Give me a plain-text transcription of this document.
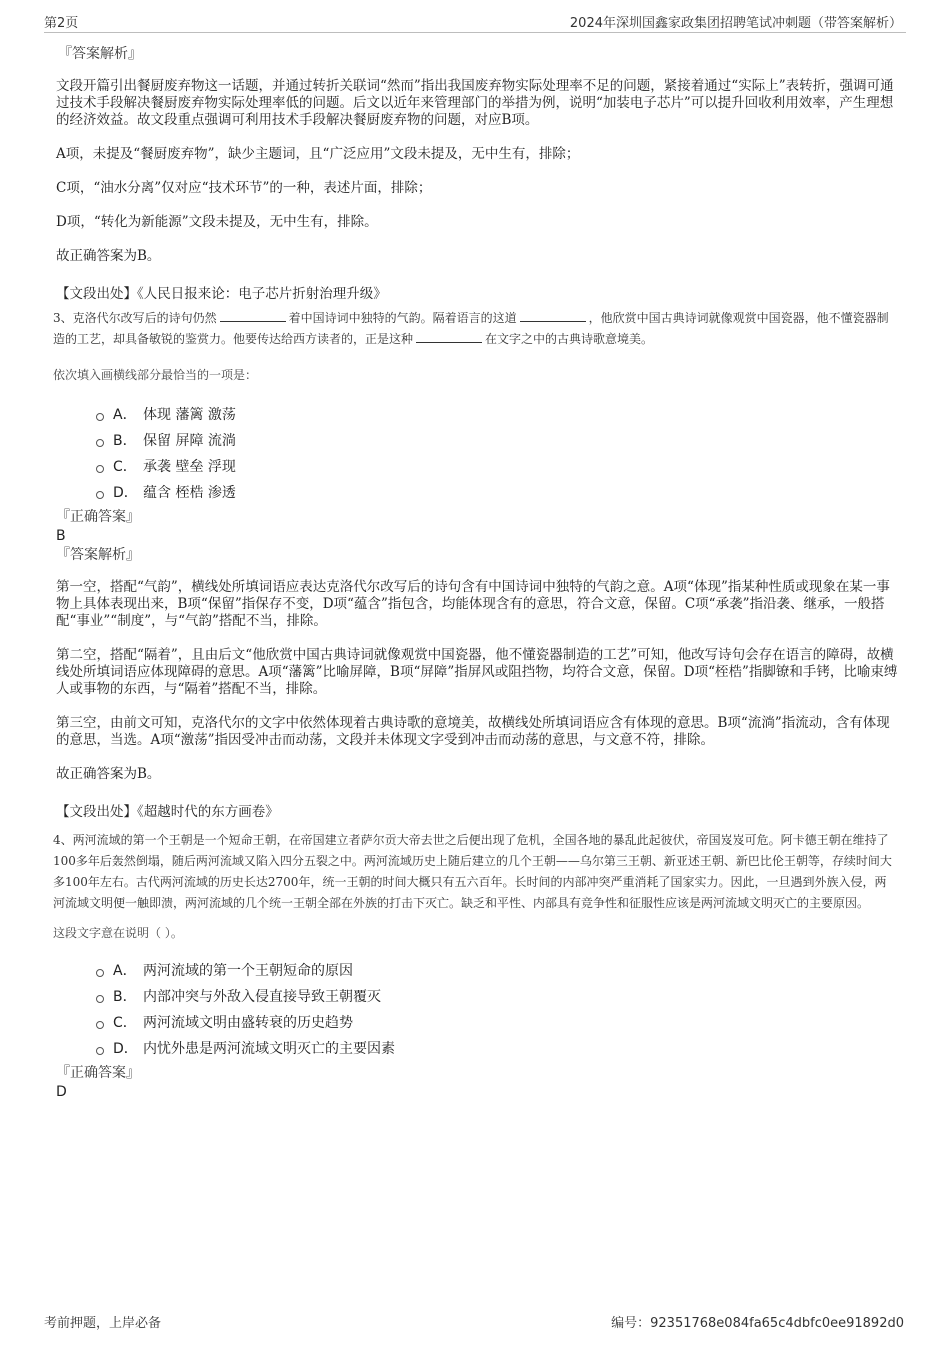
第2页	2024年深圳国鑫家政集团招聘笔试冲刺题（带答案解析）
『答案解析』
文段开篇引出餐厨废弃物这一话题，并通过转折关联词“然而”指出我国废弃物实际处理率不足的问题，紧接着通过“实际上”表转折，强调可通过技术手段解决餐厨废弃物实际处理率低的问题。后文以近年来管理部门的举措为例，说明“加装电子芯片”可以提升回收利用效率，产生理想的经济效益。故文段重点强调可利用技术手段解决餐厨废弃物的问题，对应B项。
A项，未提及“餐厨废弃物”，缺少主题词，且“广泛应用”文段未提及，无中生有，排除；
C项，“油水分离”仅对应“技术环节”的一种，表述片面，排除；
D项，“转化为新能源”文段未提及，无中生有，排除。
故正确答案为B。
【文段出处】《人民日报来论：电子芯片折射治理升级》
3、克洛代尔改写后的诗句仍然	着中国诗词中独特的气韵。隔着语言的这道	，他欣赏中国古典诗词就像观赏中国瓷器，他不懂瓷器制造的工艺，却具备敏锐的鉴赏力。他要传达给西方读者的，正是这种	在文字之中的古典诗歌意境美。
依次填入画横线部分最恰当的一项是：
A． 体现 藩篱 激荡
B． 保留 屏障 流淌
C． 承袭 壁垒 浮现
D． 蕴含 桎梏 渗透
『正确答案』
B
『答案解析』
第一空，搭配“气韵”，横线处所填词语应表达克洛代尔改写后的诗句含有中国诗词中独特的气韵之意。A项“体现”指某种性质或现象在某一事物上具体表现出来，B项“保留”指保存不变，D项“蕴含”指包含，均能体现含有的意思，符合文意，保留。C项“承袭”指沿袭、继承，一般搭配“事业”“制度”，与“气韵”搭配不当，排除。
第二空，搭配“隔着”，且由后文“他欣赏中国古典诗词就像观赏中国瓷器，他不懂瓷器制造的工艺”可知，他改写诗句会存在语言的障碍，故横线处所填词语应体现障碍的意思。A项“藩篱”比喻屏障，B项“屏障”指屏风或阻挡物，均符合文意，保留。D项“桎梏”指脚镣和手铐，比喻束缚人或事物的东西，与“隔着”搭配不当，排除。
第三空，由前文可知，克洛代尔的文字中依然体现着古典诗歌的意境美，故横线处所填词语应含有体现的意思。B项“流淌”指流动，含有体现的意思，当选。A项“激荡”指因受冲击而动荡，文段并未体现文字受到冲击而动荡的意思，与文意不符，排除。
故正确答案为B。
【文段出处】《超越时代的东方画卷》
4、两河流域的第一个王朝是一个短命王朝，在帝国建立者萨尔贡大帝去世之后便出现了危机，全国各地的暴乱此起彼伏，帝国岌岌可危。阿卡德王朝在维持了100多年后轰然倒塌，随后两河流域又陷入四分五裂之中。两河流域历史上随后建立的几个王朝——乌尔第三王朝、新亚述王朝、新巴比伦王朝等，存续时间大多100年左右。古代两河流域的历史长达2700年，统一王朝的时间大概只有五六百年。长时间的内部冲突严重消耗了国家实力。因此，一旦遇到外族入侵，两河流域文明便一触即溃，两河流域的几个统一王朝全部在外族的打击下灭亡。缺乏和平性、内部具有竞争性和征服性应该是两河流域文明灭亡的主要原因。
这段文字意在说明（ ）。
A． 两河流域的第一个王朝短命的原因
B． 内部冲突与外敌入侵直接导致王朝覆灭
C． 两河流域文明由盛转衰的历史趋势
D． 内忧外患是两河流域文明灭亡的主要因素
『正确答案』
D
考前押题，上岸必备	编号：92351768e084fa65c4dbfc0ee91892d0
